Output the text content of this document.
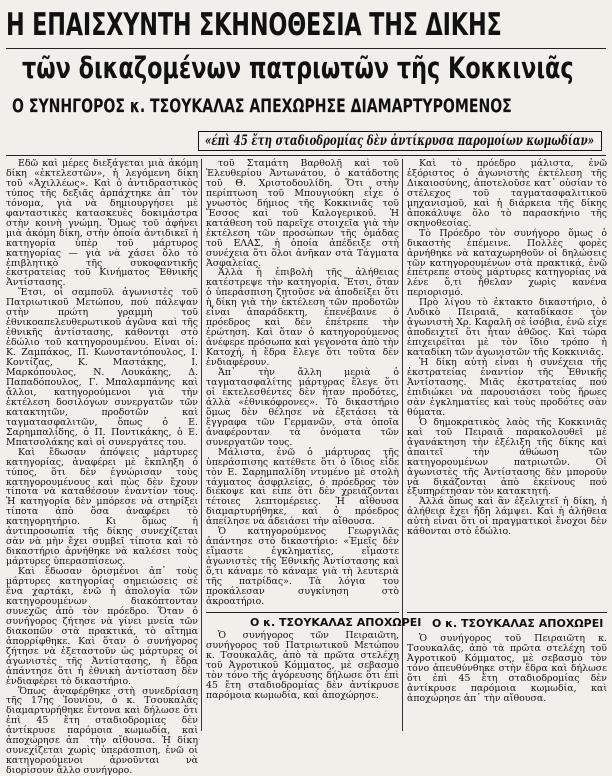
Η ΕΠΑΙΣΧΥΝΤΗ ΣΚΗΝΟΘΕΣΙΑ ΤΗΣ ΔΙΚΗΣ
τῶν δικαζομένων πατριωτῶν τῆς Κοκκινιᾶς
Ο ΣΥΝΗΓΟΡΟΣ κ. ΤΣΟΥΚΑΛΑΣ ΑΠΕΧΩΡΗΣΕ ΔΙΑΜΑΡΤΥΡΟΜΕΝΟΣ
«έπὶ 45 ἔτη σταδιοδρομίας δὲν ἀντίκρυσα παρομοίων κωμωδίαν»

Εδῶ καὶ μέρες διεξάγεται μιὰ ἀκόμη δίκη «ἐκτελεστῶν», ἡ λεγόμενη δίκη τοῦ «Ἀχιλλέως». Καὶ ὁ ἀντιδραστικὸς τύπος τῆς δεξιᾶς ἀρπάχτηκε ἀπ᾽ τὸν τόνομα, γιὰ νὰ δημιουργήσει μὲ φανταστικὲς κατασκευὲς δοκιμάστρα στὴν κοινὴ γνώμη. Ὅμως τοῦ ἀφήνει μιὰ ἀκόμη δίκη, στὴν ὁποία ἀντιδικεῖ ἡ κατηγορία ὑπὲρ τοῦ μάρτυρος κατηγορίας — γιὰ νὰ χάσει ὅλο τὸ ἐπιβλητικὸ τῆς συκοφαντικῆς ἐκστρατείας τοῦ Κινήματος Ἐθνικῆς Ἀντίστασης.

Ἔτσι, οἱ σαμποῦλ ἀγωνιστὲς τοῦ Πατριωτικοῦ Μετώπου, πού πάλεψαν στὴν πρώτη γραμμὴ τοῦ ἐθνικοαπελευθερωτικοῦ ἀγῶνα καὶ τῆς ἐθνικῆς ἀντίστασης, κάθονται στὸ ἑδώλιο τοῦ κατηγορουμένου. Εἶναι οἱ: Κ. Ζαμπάκος, Π. Κωνσταντόπουλος, Ι. Κοντίζας, Κ. Μαστάκης, Ι. Μαρκόπουλος, Ν. Λουκάκης, Δ. Παπαδόπουλος, Γ. Μπαλαμπάνης καὶ ἄλλοι, κατηγορούμενοι γιὰ τὴν ἐκτέλεση δοσιλόγων συνεργατῶν τῶν κατακτητῶν, προδοτῶν καὶ ταγματασφαλιτῶν, ὅπως ὁ Ε. Σαρημπαλίδης, ὁ Π. Ποντικάκης, ὁ Ε. Μπατσολάκης καὶ οἱ συνεργάτες του.

Καὶ ἔδωσαν ἀπόψεις μάρτυρες κατηγορίας, ἀναφέρει μὲ ἔκπληξη ὁ τύπος, ὅτι δὲν ἐγνώρισαν τοὺς κατηγορουμένους καὶ πὼς δὲν ἔχουν τίποτα νὰ καταθέσουν ἐναντίον τους. Ἡ κατηγορία δὲν μπόρεσε νὰ στηρίξει τίποτα ἀπὸ ὅσα ἀναφέρει τὸ κατηγορητήριο. Κι ὅμως ἡ ἀντιπροσωπία τῆς δίκης συνεχίζεται σὰν νὰ μὴν ἔχει συμβεῖ τίποτα καὶ τὸ δικαστήριο ἀρνήθηκε νὰ καλέσει τοὺς μάρτυρες ὑπερασπίσεως.

Καὶ ἔδωσαν ὁρισμένοι ἀπ᾽ τοὺς μάρτυρες κατηγορίας σημειώσεις σὲ ἕνα χαρτάκι, ἐνῶ ἡ ἀπολογία τῶν κατηγορουμένων διακόπτονταν συνεχῶς ἀπὸ τὸν πρόεδρο. Ὅταν ὁ συνήγορος ζήτησε νὰ γίνει μνεία τῶν διακοπῶν στὰ πρακτικά, τὸ αἴτημα ἀπορρίφθηκε. Καὶ ὅταν ὁ συνήγορος ζήτησε νὰ ἐξεταστοῦν ὡς μάρτυρες οἱ ἀγωνιστὲς τῆς Ἀντίστασης, ἡ ἕδρα ἀπάντησε ὅτι ἡ ἐθνικὴ ἀντίσταση δὲν ἐνδιαφέρει τὸ δικαστήριο.

Ὅπως ἀναφέρθηκε στὴ συνεδρίαση τῆς 17ης Ἰουνίου, ὁ κ. Τσουκαλᾶς διαμαρτυρήθηκε ἔντονα καὶ δήλωσε ὅτι ἐπὶ 45 ἔτη σταδιοδρομίας δὲν ἀντίκρυσε παρόμοια κωμωδία, καὶ ἀποχώρησε ἀπ᾽ τὴν αἴθουσα. Ἡ δίκη συνεχίζεται χωρὶς ὑπεράσπιση, ἐνῶ οἱ κατηγορούμενοι ἀρνοῦνται νὰ διορίσουν ἄλλο συνήγορο.

τοῦ Σταμάτη Βαρθολῆ καὶ τοῦ Ἐλευθερίου Ἀντωνάτου, ὁ κατάδοτης τοῦ Θ. Χριστοδουλίδη. Ὅτι στὴν περίπτωση τοῦ Μπουγιούκη εἶχε ὁ γνωστὸς δήμιος τῆς Κοκκινιᾶς τοῦ Ἔσσος καὶ τοῦ Καλογερικοῦ. Ἡ κατάθεση τοῦ παρεῖχε στοιχεῖα γιὰ τὴν ἐκτέλεση τῶν προσώπων τῆς ὁμάδας τοῦ ΕΛΑΣ, ἡ ὁποία ἀπέδειξε στὴ συνέχεια ὅτι ὅλοι ἀνῆκαν στὰ Τάγματα Ἀσφαλείας.

Ἀλλὰ ἡ ἐπιβολὴ τῆς ἀλήθειας κατέστρεψε τὴν κατηγορία. Ἔτσι, ὅταν ὁ ὑπεράσπιση ζητοῦσε νὰ ἀποδείξει ὅτι ἡ δίκη γιὰ τὴν ἐκτέλεση τῶν προδοτῶν εἶναι ἀπαράδεκτη, ἐπενέβαινε ὁ πρόεδρος καὶ δὲν ἐπέτρεπε τὴν ἐρώτηση. Καὶ ὅταν ὁ κατηγορούμενος ἀνέφερε πρόσωπα καὶ γεγονότα ἀπὸ τὴν Κατοχή, ἡ ἕδρα ἔλεγε ὅτι τοῦτα δὲν ἐνδιαφέρουν.

Ἀπ᾽ τὴν ἄλλη μεριὰ ὁ ταγματασφαλίτης μάρτυρας ἔλεγε ὅτι οἱ ἐκτελεσθέντες δὲν ἦταν προδότες, ἀλλὰ «ἐθνικόφρονες». Τὸ δικαστήριο ὅμως δὲν θέλησε νὰ ἐξετάσει τὰ ἔγγραφα τῶν Γερμανῶν, στὰ ὁποῖα ἀναφέρονταν τὰ ὀνόματα τῶν συνεργατῶν τους.

Μάλιστα, ἐνῶ ὁ μάρτυρας τῆς ὑπεράσπισης κατέθετε ὅτι ὁ ἴδιος εἶδε τὸν Ε. Σαρημπαλίδη ντυμένο μὲ στολὴ τάγματος ἀσφαλείας, ὁ πρόεδρος τὸν διέκοψε καὶ εἶπε ὅτι δὲν χρειάζονται τέτοιες λεπτομέρειες. Ἡ αἴθουσα διαμαρτυρήθηκε, καὶ ὁ πρόεδρος ἀπείλησε νὰ ἀδειάσει τὴν αἴθουσα.

Ὁ κατηγορούμενος Γεωργιλᾶς ἀπάντησε στὸ δικαστήριο: «Ἐμεῖς δὲν εἴμαστε ἐγκληματίες, εἴμαστε ἀγωνιστὲς τῆς Ἐθνικῆς Ἀντίστασης καὶ ὅ,τι κάναμε τὸ κάναμε γιὰ τὴ λευτεριὰ τῆς πατρίδας». Τὰ λόγια του προκάλεσαν συγκίνηση στὸ ἀκροατήριο.

Καὶ τὸ πρόεδρο μάλιστα, ἐνῶ ἐξόριστος ὁ ἀγωνιστὴς ἐκτέλεση τῆς Δικαιοσύνης, ἀποτελοῦσε κατ᾽ οὐσίαν τὸ στέλεχος τοῦ ταγματασφαλιτικοῦ μηχανισμοῦ, καὶ ἡ διάρκεια τῆς δίκης ἀποκάλυψε ὅλο τὸ παρασκήνιο τῆς σκηνοθεσίας.

Τὸ Πρόεδρο τὸν συνήγορο ὅμως ὁ δικαστὴς ἐπέμεινε. Πολλὲς φορὲς ἀρνήθηκε νὰ καταχωρηθοῦν οἱ δηλώσεις τῶν κατηγορουμένων στὰ πρακτικά, ἐνῶ ἐπέτρεπε στοὺς μάρτυρες κατηγορίας νὰ λένε ὅ,τι ἤθελαν χωρὶς κανένα περιορισμό.

Πρὸ λίγου τὸ ἐκτακτο δικαστήριο, ὁ Λυδικὸ Πειραιᾶ, καταδίκασε τὸν ἀγωνιστὴ Χρ. Καραλῆ σὲ ἰσόβια, ἐνῶ εἶχε ἀποδειχτεῖ ὅτι ἦταν ἀθῶος. Καὶ τώρα ἐπιχειρεῖται μὲ τὸν ἴδιο τρόπο ἡ καταδίκη τῶν ἀγωνιστῶν τῆς Κοκκινιᾶς.

Ἡ δίκη αὐτὴ εἶναι ἡ συνέχεια τῆς ἐκστρατείας ἐναντίον τῆς Ἐθνικῆς Ἀντίστασης. Μιᾶς ἐκστρατείας πού ἐπιδιώκει νὰ παρουσιάσει τοὺς ἥρωες σὰν ἐγκληματίες καὶ τοὺς προδότες σὰν θύματα.

Ὁ δημοκρατικὸς λαὸς τῆς Κοκκινιᾶς καὶ τοῦ Πειραιᾶ παρακολουθεῖ μὲ ἀγανάκτηση τὴν ἐξέλιξη τῆς δίκης καὶ ἀπαιτεῖ τὴν ἀθώωση τῶν κατηγορουμένων πατριωτῶν. Οἱ ἀγωνιστὲς τῆς Ἀντίστασης δὲν μποροῦν νὰ δικάζονται ἀπὸ ἐκείνους πού ἐξυπηρέτησαν τὸν κατακτητή.

Ἀλλά ὅπως καὶ ἂν ἐξελιχτεῖ ἡ δίκη, ἡ ἀλήθεια ἔχει ἤδη λάμψει. Καὶ ἡ ἀλήθεια αὐτὴ εἶναι ὅτι οἱ πραγματικοὶ ἔνοχοι δὲν κάθονται στὸ ἑδώλιο.

Ο κ. ΤΣΟΥΚΑΛΑΣ ΑΠΟΧΩΡΕΙ

Ὁ συνήγορος τῶν Πειραιῶτη, συνήγορος τοῦ Πατριωτικοῦ Μετώπου κ. Τσουκαλᾶς, ἀπὸ τὰ πρῶτα στελέχη τοῦ Ἀγροτικοῦ Κόμματος, μὲ σεβασμὸ τὸν τόνο τῆς ἀγόρευσης δήλωσε ὅτι ἐπὶ 45 ἔτη σταδιοδρομίας δὲν ἀντίκρυσε παρόμοια κωμωδία, καὶ ἀποχώρησε.

Ο κ. ΤΣΟΥΚΑΛΑΣ ΑΠΟΧΩΡΕΙ

Ὁ συνήγορος τοῦ Πειραιῶτη κ. Τσουκαλᾶς, ἀπὸ τὰ πρῶτα στελέχη τοῦ Ἀγροτικοῦ Κόμματος, μὲ σεβασμὸ τὸν τόνο ἀπευθύνθηκε στὴν ἕδρα καὶ δήλωσε ὅτι ἐπὶ 45 ἔτη σταδιοδρομίας δὲν ἀντίκρυσε παρόμοια κωμωδία, καὶ ἀποχώρησε ἀπ᾽ τὴν αἴθουσα.
